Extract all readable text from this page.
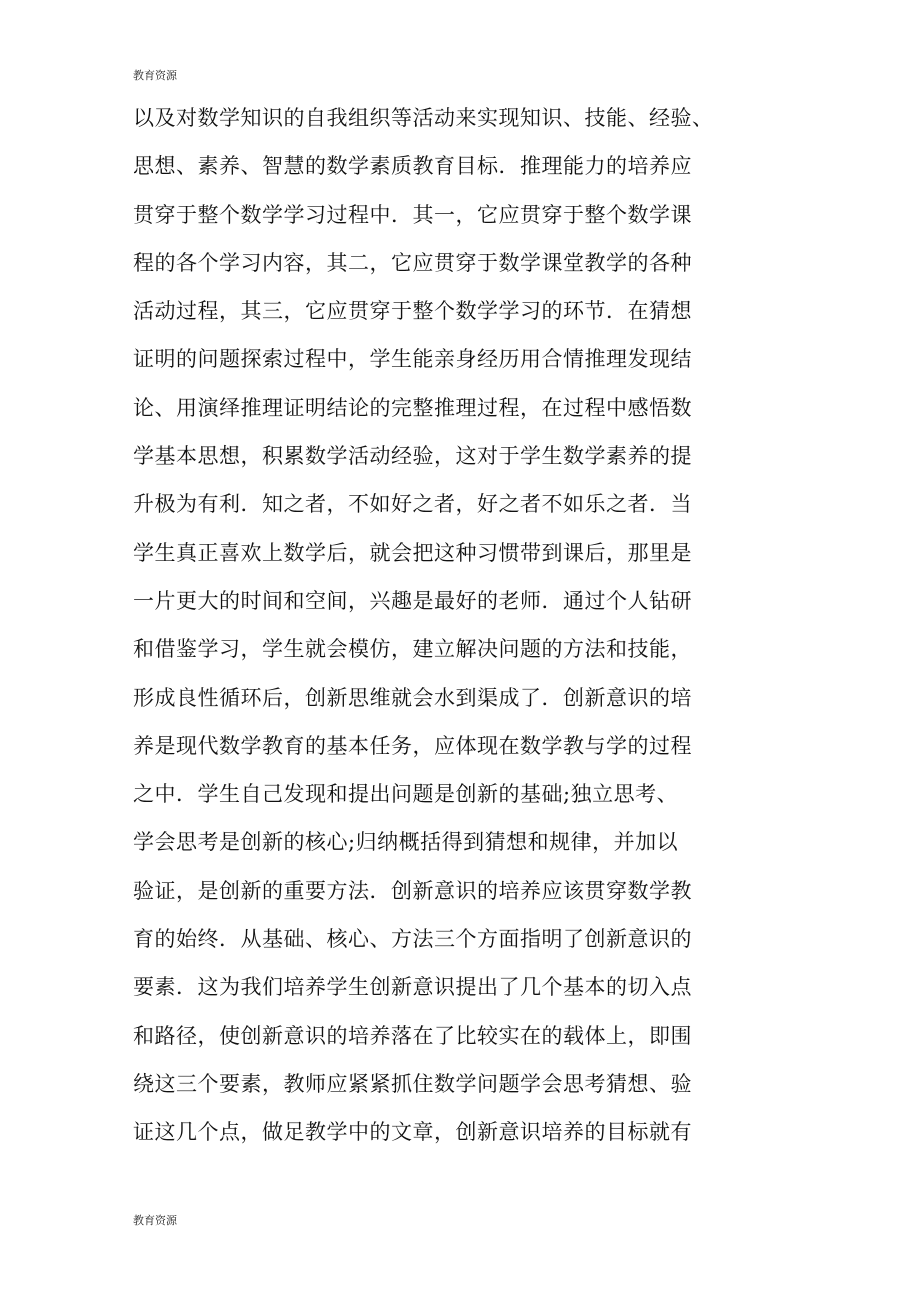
教育资源
以及对数学知识的自我组织等活动来实现知识、技能、经验、
思想、素养、智慧的数学素质教育目标．推理能力的培养应
贯穿于整个数学学习过程中．其一，它应贯穿于整个数学课
程的各个学习内容，其二，它应贯穿于数学课堂教学的各种
活动过程，其三，它应贯穿于整个数学学习的环节．在猜想
证明的问题探索过程中，学生能亲身经历用合情推理发现结
论、用演绎推理证明结论的完整推理过程，在过程中感悟数
学基本思想，积累数学活动经验，这对于学生数学素养的提
升极为有利．知之者，不如好之者，好之者不如乐之者．当
学生真正喜欢上数学后，就会把这种习惯带到课后，那里是
一片更大的时间和空间，兴趣是最好的老师．通过个人钻研
和借鉴学习，学生就会模仿，建立解决问题的方法和技能，
形成良性循环后，创新思维就会水到渠成了．创新意识的培
养是现代数学教育的基本任务，应体现在数学教与学的过程
之中．学生自己发现和提出问题是创新的基础;独立思考、
学会思考是创新的核心;归纳概括得到猜想和规律，并加以
验证，是创新的重要方法．创新意识的培养应该贯穿数学教
育的始终．从基础、核心、方法三个方面指明了创新意识的
要素．这为我们培养学生创新意识提出了几个基本的切入点
和路径，使创新意识的培养落在了比较实在的载体上，即围
绕这三个要素，教师应紧紧抓住数学问题学会思考猜想、验
证这几个点，做足教学中的文章，创新意识培养的目标就有
教育资源
